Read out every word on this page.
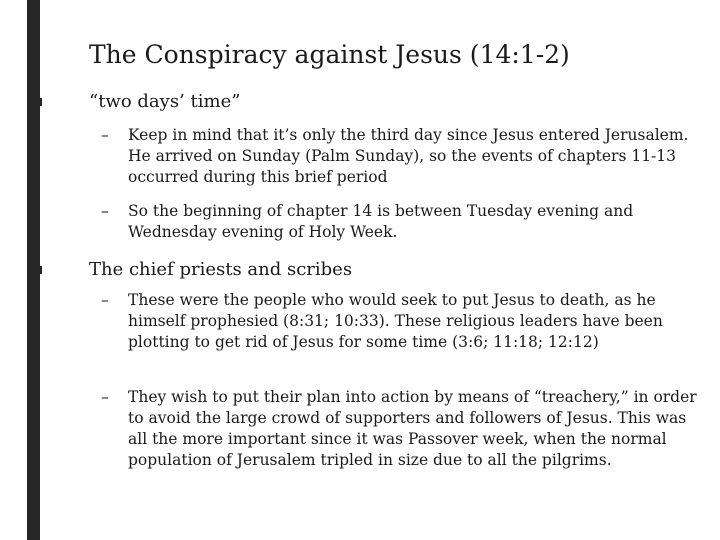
The Conspiracy against Jesus (14:1-2)
“two days’ time”
– Keep in mind that it’s only the third day since Jesus entered Jerusalem. He arrived on Sunday (Palm Sunday), so the events of chapters 11-13 occurred during this brief period
– So the beginning of chapter 14 is between Tuesday evening and Wednesday evening of Holy Week.
The chief priests and scribes
– These were the people who would seek to put Jesus to death, as he himself prophesied (8:31; 10:33). These religious leaders have been plotting to get rid of Jesus for some time (3:6; 11:18; 12:12)
– They wish to put their plan into action by means of “treachery,” in order to avoid the large crowd of supporters and followers of Jesus. This was all the more important since it was Passover week, when the normal population of Jerusalem tripled in size due to all the pilgrims.
